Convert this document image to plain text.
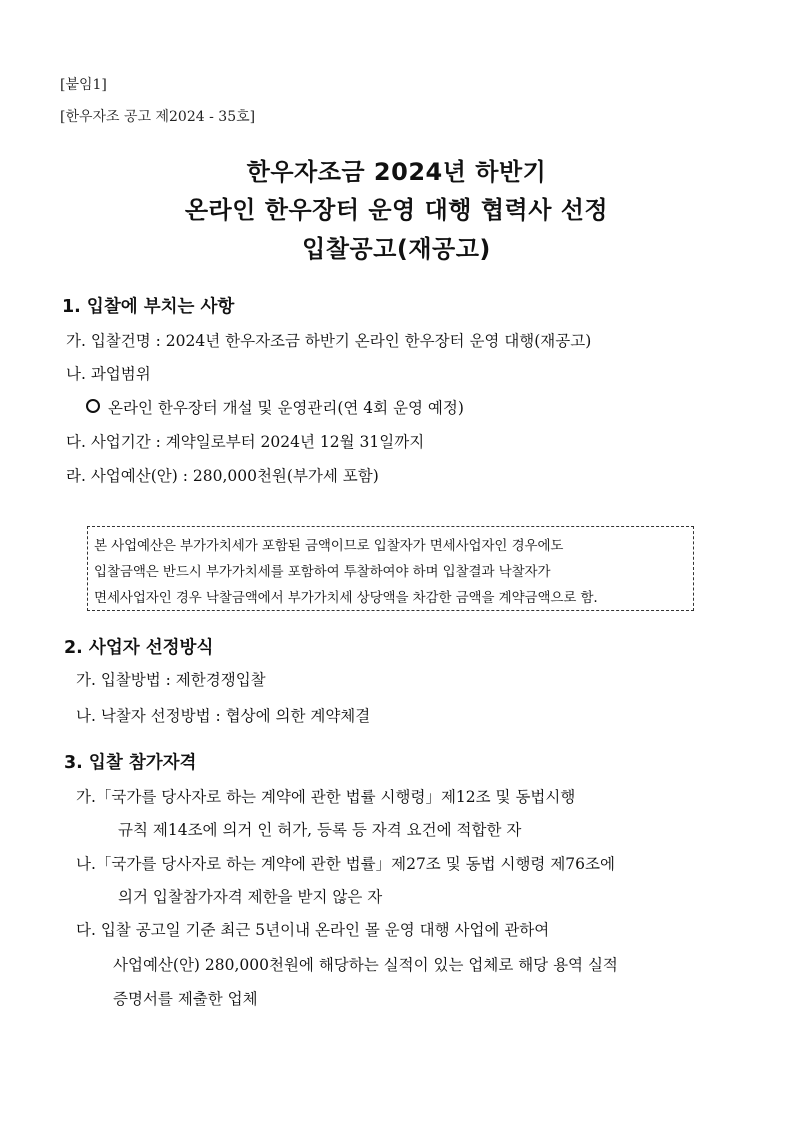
[붙임1]
[한우자조 공고 제2024 - 35호]
한우자조금 2024년 하반기
온라인 한우장터 운영 대행 협력사 선정
입찰공고(재공고)
1. 입찰에 부치는 사항
가. 입찰건명 : 2024년 한우자조금 하반기 온라인 한우장터 운영 대행(재공고)
나. 과업범위
온라인 한우장터 개설 및 운영관리(연 4회 운영 예정)
다. 사업기간 : 계약일로부터 2024년 12월 31일까지
라. 사업예산(안) : 280,000천원(부가세 포함)
본 사업예산은 부가가치세가 포함된 금액이므로 입찰자가 면세사업자인 경우에도
입찰금액은 반드시 부가가치세를 포함하여 투찰하여야 하며 입찰결과 낙찰자가
면세사업자인 경우 낙찰금액에서 부가가치세 상당액을 차감한 금액을 계약금액으로 함.
2. 사업자 선정방식
가. 입찰방법 : 제한경쟁입찰
나. 낙찰자 선정방법 : 협상에 의한 계약체결
3. 입찰 참가자격
가.「국가를 당사자로 하는 계약에 관한 법률 시행령」제12조 및 동법시행
규칙 제14조에 의거 인 허가, 등록 등 자격 요건에 적합한 자
나.「국가를 당사자로 하는 계약에 관한 법률」제27조 및 동법 시행령 제76조에
의거 입찰참가자격 제한을 받지 않은 자
다. 입찰 공고일 기준 최근 5년이내 온라인 몰 운영 대행 사업에 관하여
사업예산(안) 280,000천원에 해당하는 실적이 있는 업체로 해당 용역 실적
증명서를 제출한 업체
